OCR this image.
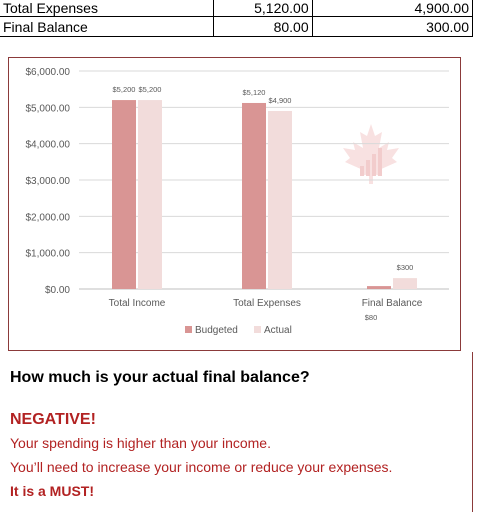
Total Expenses	5,120.00	4,900.00
Final Balance	80.00	300.00
$0.00
$1,000.00
$2,000.00
$3,000.00
$4,000.00
$5,000.00
$6,000.00
$5,200 $5,200
Total Income
$5,120
$4,900
Total Expenses
$80
$300
Final Balance
Budgeted	Actual
How much is your actual final balance?
NEGATIVE!
Your spending is higher than your income.
You’ll need to increase your income or reduce your expenses.
It is a MUST!
